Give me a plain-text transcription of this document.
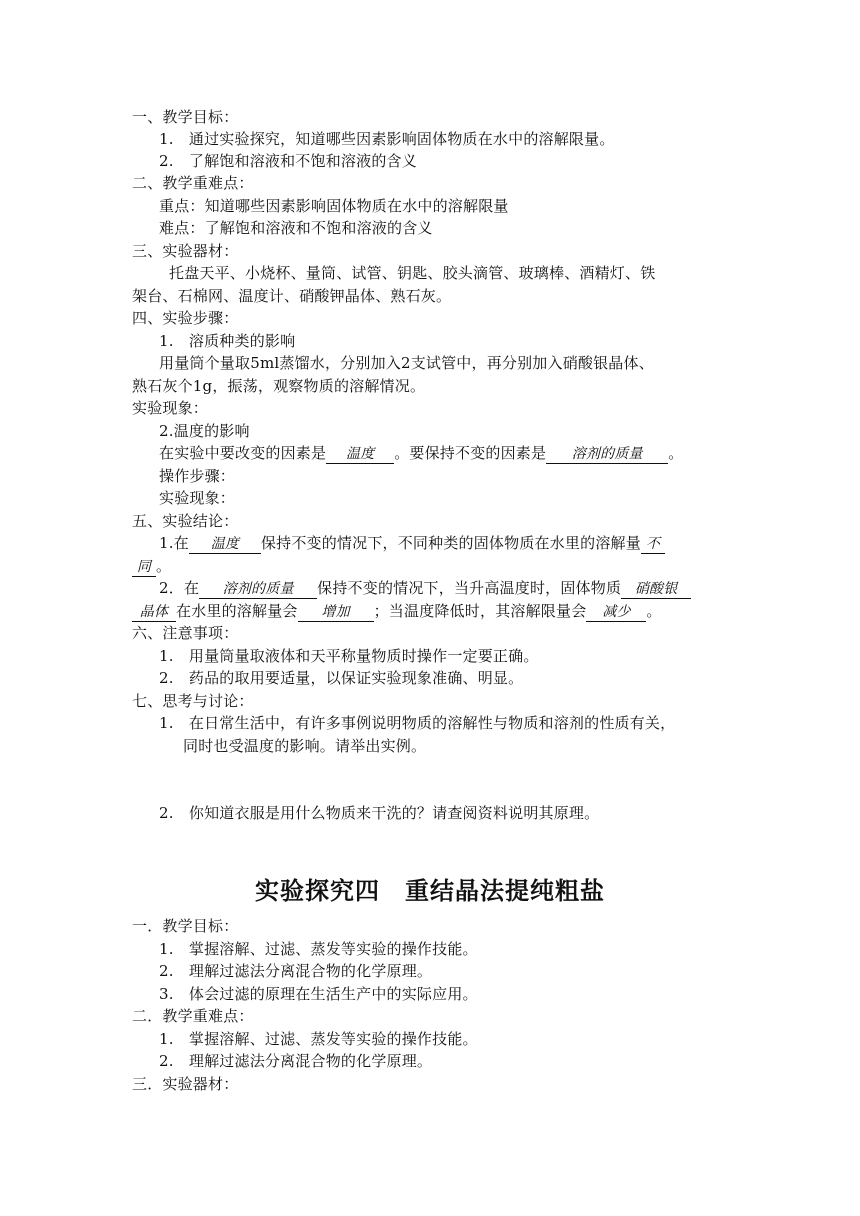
一、教学目标：
1.　通过实验探究，知道哪些因素影响固体物质在水中的溶解限量。
2.　了解饱和溶液和不饱和溶液的含义
二、教学重难点：
重点：知道哪些因素影响固体物质在水中的溶解限量
难点：了解饱和溶液和不饱和溶液的含义
三、实验器材：
托盘天平、小烧杯、量筒、试管、钥匙、胶头滴管、玻璃棒、酒精灯、铁
架台、石棉网、温度计、硝酸钾晶体、熟石灰。
四、实验步骤：
1.　溶质种类的影响
用量筒个量取5ml蒸馏水，分别加入2支试管中，再分别加入硝酸银晶体、
熟石灰个1g，振荡，观察物质的溶解情况。
实验现象：
2.温度的影响
在实验中要改变的因素是 温度 。要保持不变的因素是 溶剂的质量 。
操作步骤：
实验现象：
五、实验结论：
1.在 温度 保持不变的情况下，不同种类的固体物质在水里的溶解量 不
同 。
2．在 溶剂的质量 保持不变的情况下，当升高温度时，固体物质 硝酸银
晶体 在水里的溶解量会 增加 ；当温度降低时，其溶解限量会 减少 。
六、注意事项：
1.　用量筒量取液体和天平称量物质时操作一定要正确。
2.　药品的取用要适量，以保证实验现象准确、明显。
七、思考与讨论：
1.　在日常生活中，有许多事例说明物质的溶解性与物质和溶剂的性质有关，
同时也受温度的影响。请举出实例。
2.　你知道衣服是用什么物质来干洗的？请查阅资料说明其原理。
实验探究四　重结晶法提纯粗盐
一．教学目标：
1.　掌握溶解、过滤、蒸发等实验的操作技能。
2.　理解过滤法分离混合物的化学原理。
3.　体会过滤的原理在生活生产中的实际应用。
二．教学重难点：
1.　掌握溶解、过滤、蒸发等实验的操作技能。
2.　理解过滤法分离混合物的化学原理。
三．实验器材：
